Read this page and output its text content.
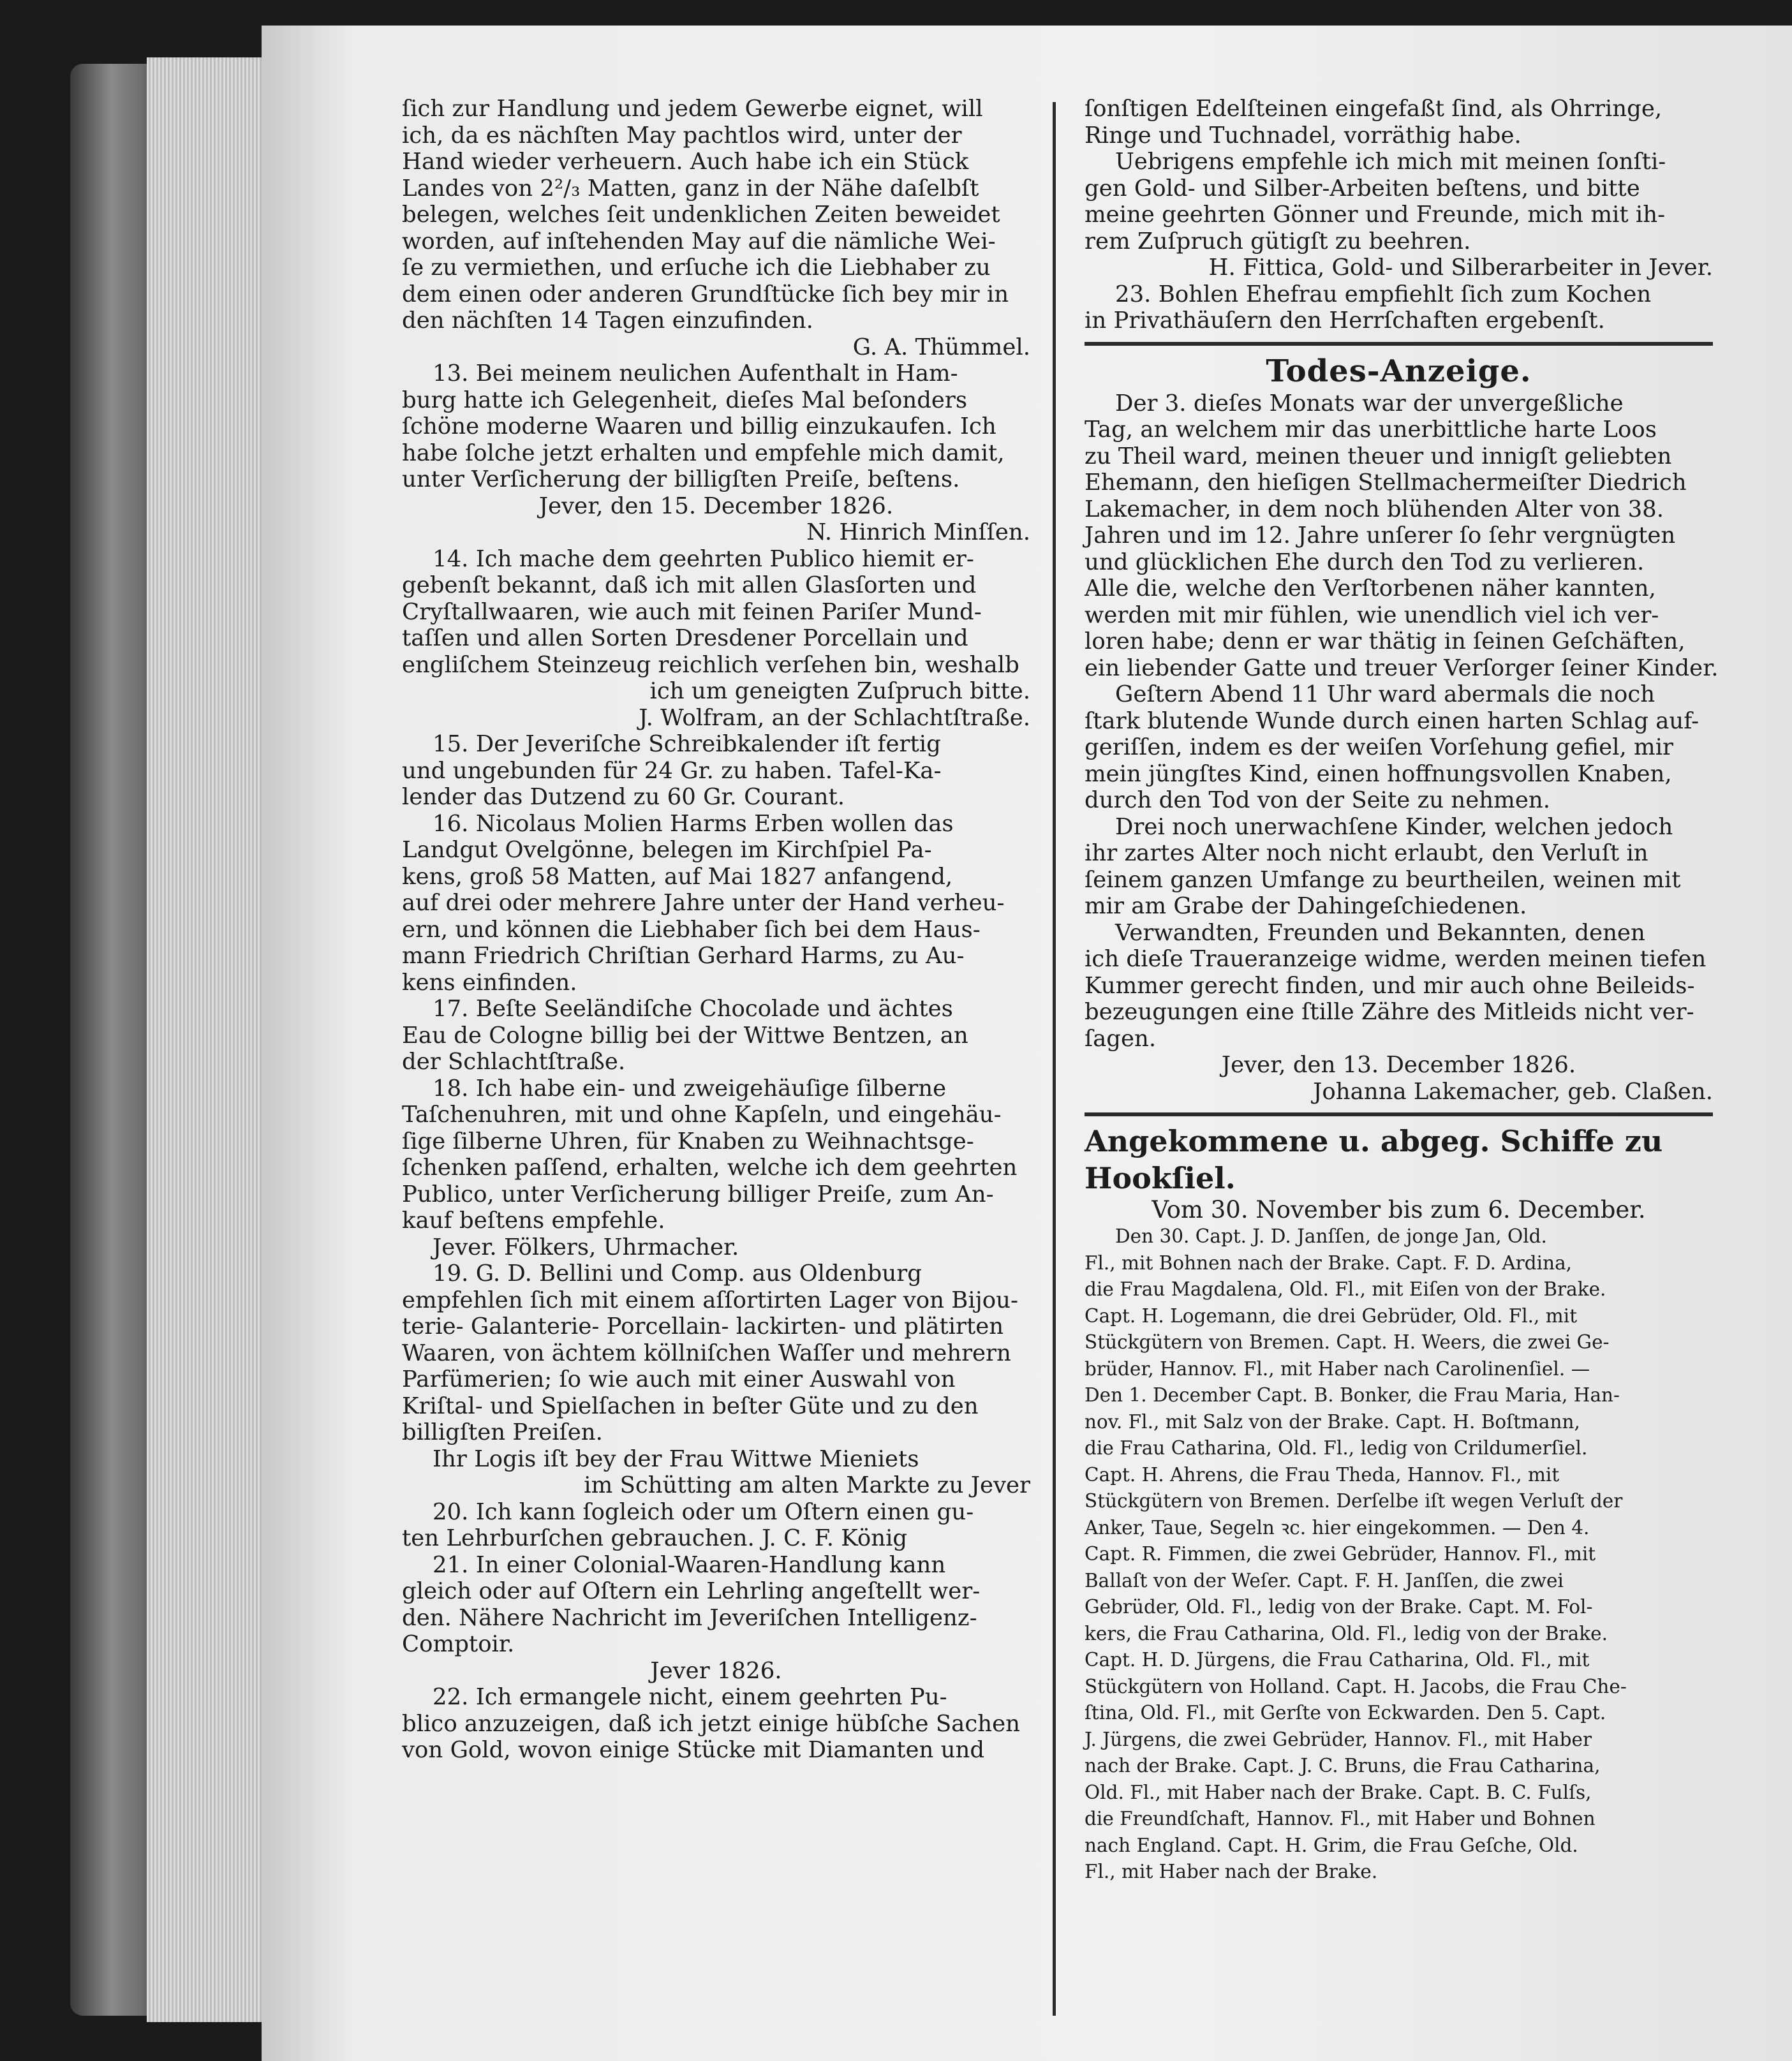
ſich zur Handlung und jedem Gewerbe eignet, will

ich, da es nächſten May pachtlos wird, unter der

Hand wieder verheuern. Auch habe ich ein Stück

Landes von 2²/₃ Matten, ganz in der Nähe daſelbſt

belegen, welches ſeit undenklichen Zeiten beweidet

worden, auf inſtehenden May auf die nämliche Wei-

ſe zu vermiethen, und erſuche ich die Liebhaber zu

dem einen oder anderen Grundſtücke ſich bey mir in

den nächſten 14 Tagen einzufinden.

G. A. Thümmel.

13. Bei meinem neulichen Aufenthalt in Ham-

burg hatte ich Gelegenheit, dieſes Mal beſonders

ſchöne moderne Waaren und billig einzukaufen. Ich

habe ſolche jetzt erhalten und empfehle mich damit,

unter Verſicherung der billigſten Preiſe, beſtens.

Jever, den 15. December 1826.

N. Hinrich Minſſen.

14. Ich mache dem geehrten Publico hiemit er-

gebenſt bekannt, daß ich mit allen Glasſorten und

Cryſtallwaaren, wie auch mit feinen Pariſer Mund-

taſſen und allen Sorten Dresdener Porcellain und

engliſchem Steinzeug reichlich verſehen bin, weshalb

ich um geneigten Zuſpruch bitte.

J. Wolfram, an der Schlachtſtraße.

15. Der Jeveriſche Schreibkalender iſt fertig

und ungebunden für 24 Gr. zu haben. Tafel-Ka-

lender das Dutzend zu 60 Gr. Courant.

16. Nicolaus Molien Harms Erben wollen das

Landgut Ovelgönne, belegen im Kirchſpiel Pa-

kens, groß 58 Matten, auf Mai 1827 anfangend,

auf drei oder mehrere Jahre unter der Hand verheu-

ern, und können die Liebhaber ſich bei dem Haus-

mann Friedrich Chriſtian Gerhard Harms, zu Au-

kens einfinden.

17. Beſte Seeländiſche Chocolade und ächtes

Eau de Cologne billig bei der Wittwe Bentzen, an

der Schlachtſtraße.

18. Ich habe ein- und zweigehäuſige ſilberne

Taſchenuhren, mit und ohne Kapſeln, und eingehäu-

ſige ſilberne Uhren, für Knaben zu Weihnachtsge-

ſchenken paſſend, erhalten, welche ich dem geehrten

Publico, unter Verſicherung billiger Preiſe, zum An-

kauf beſtens empfehle.

Jever. Fölkers, Uhrmacher.

19. G. D. Bellini und Comp. aus Oldenburg

empfehlen ſich mit einem aſſortirten Lager von Bijou-

terie- Galanterie- Porcellain- lackirten- und plätirten

Waaren, von ächtem köllniſchen Waſſer und mehrern

Parfümerien; ſo wie auch mit einer Auswahl von

Kriſtal- und Spielſachen in beſter Güte und zu den

billigſten Preiſen.

Ihr Logis iſt bey der Frau Wittwe Mieniets

im Schütting am alten Markte zu Jever

20. Ich kann ſogleich oder um Oſtern einen gu-

ten Lehrburſchen gebrauchen. J. C. F. König

21. In einer Colonial-Waaren-Handlung kann

gleich oder auf Oſtern ein Lehrling angeſtellt wer-

den. Nähere Nachricht im Jeveriſchen Intelligenz-

Comptoir.

Jever 1826.

22. Ich ermangele nicht, einem geehrten Pu-

blico anzuzeigen, daß ich jetzt einige hübſche Sachen

von Gold, wovon einige Stücke mit Diamanten und

ſonſtigen Edelſteinen eingefaßt ſind, als Ohrringe,

Ringe und Tuchnadel, vorräthig habe.

Uebrigens empfehle ich mich mit meinen ſonſti-

gen Gold- und Silber-Arbeiten beſtens, und bitte

meine geehrten Gönner und Freunde, mich mit ih-

rem Zuſpruch gütigſt zu beehren.

H. Fittica, Gold- und Silberarbeiter in Jever.

23. Bohlen Ehefrau empfiehlt ſich zum Kochen

in Privathäuſern den Herrſchaften ergebenſt.

Todes-Anzeige.

Der 3. dieſes Monats war der unvergeßliche

Tag, an welchem mir das unerbittliche harte Loos

zu Theil ward, meinen theuer und innigſt geliebten

Ehemann, den hieſigen Stellmachermeiſter Diedrich

Lakemacher, in dem noch blühenden Alter von 38.

Jahren und im 12. Jahre unſerer ſo ſehr vergnügten

und glücklichen Ehe durch den Tod zu verlieren.

Alle die, welche den Verſtorbenen näher kannten,

werden mit mir fühlen, wie unendlich viel ich ver-

loren habe; denn er war thätig in ſeinen Geſchäften,

ein liebender Gatte und treuer Verſorger ſeiner Kinder.

Geſtern Abend 11 Uhr ward abermals die noch

ſtark blutende Wunde durch einen harten Schlag auf-

geriſſen, indem es der weiſen Vorſehung gefiel, mir

mein jüngſtes Kind, einen hoffnungsvollen Knaben,

durch den Tod von der Seite zu nehmen.

Drei noch unerwachſene Kinder, welchen jedoch

ihr zartes Alter noch nicht erlaubt, den Verluſt in

ſeinem ganzen Umfange zu beurtheilen, weinen mit

mir am Grabe der Dahingeſchiedenen.

Verwandten, Freunden und Bekannten, denen

ich dieſe Traueranzeige widme, werden meinen tiefen

Kummer gerecht finden, und mir auch ohne Beileids-

bezeugungen eine ſtille Zähre des Mitleids nicht ver-

ſagen.

Jever, den 13. December 1826.

Johanna Lakemacher, geb. Claßen.

Angekommene u. abgeg. Schiffe zu Hookſiel.

Vom 30. November bis zum 6. December.

Den 30. Capt. J. D. Janſſen, de jonge Jan, Old.

Fl., mit Bohnen nach der Brake. Capt. F. D. Ardina,

die Frau Magdalena, Old. Fl., mit Eiſen von der Brake.

Capt. H. Logemann, die drei Gebrüder, Old. Fl., mit

Stückgütern von Bremen. Capt. H. Weers, die zwei Ge-

brüder, Hannov. Fl., mit Haber nach Carolinenſiel. —

Den 1. December Capt. B. Bonker, die Frau Maria, Han-

nov. Fl., mit Salz von der Brake. Capt. H. Boſtmann,

die Frau Catharina, Old. Fl., ledig von Crildumerſiel.

Capt. H. Ahrens, die Frau Theda, Hannov. Fl., mit

Stückgütern von Bremen. Derſelbe iſt wegen Verluſt der

Anker, Taue, Segeln ꝛc. hier eingekommen. — Den 4.

Capt. R. Fimmen, die zwei Gebrüder, Hannov. Fl., mit

Ballaſt von der Weſer. Capt. F. H. Janſſen, die zwei

Gebrüder, Old. Fl., ledig von der Brake. Capt. M. Fol-

kers, die Frau Catharina, Old. Fl., ledig von der Brake.

Capt. H. D. Jürgens, die Frau Catharina, Old. Fl., mit

Stückgütern von Holland. Capt. H. Jacobs, die Frau Che-

ſtina, Old. Fl., mit Gerſte von Eckwarden. Den 5. Capt.

J. Jürgens, die zwei Gebrüder, Hannov. Fl., mit Haber

nach der Brake. Capt. J. C. Bruns, die Frau Catharina,

Old. Fl., mit Haber nach der Brake. Capt. B. C. Fulſs,

die Freundſchaft, Hannov. Fl., mit Haber und Bohnen

nach England. Capt. H. Grim, die Frau Geſche, Old.

Fl., mit Haber nach der Brake.
